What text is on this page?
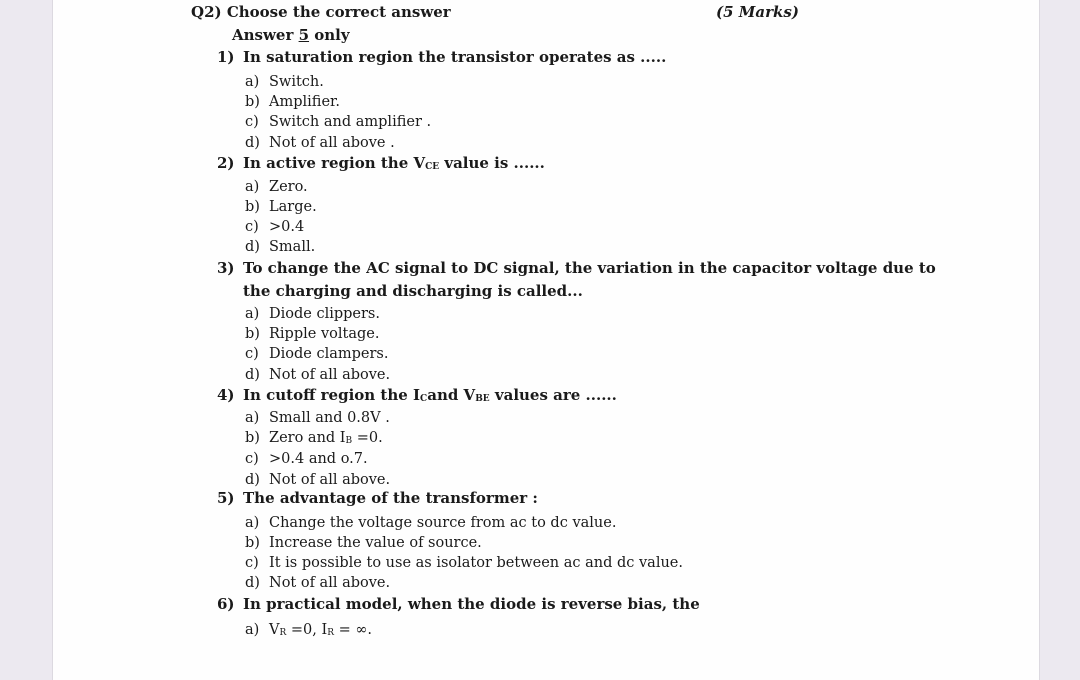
Q2) Choose the correct answer	(5 Marks)
Answer 5 only
1) In saturation region the transistor operates as .....
a) Switch.
b) Amplifier.
c) Switch and amplifier .
d) Not of all above .
2) In active region the VCE value is ......
a) Zero.
b) Large.
c) >0.4
d) Small.
3) To change the AC signal to DC signal, the variation in the capacitor voltage due to
the charging and discharging is called...
a) Diode clippers.
b) Ripple voltage.
c) Diode clampers.
d) Not of all above.
4) In cutoff region the ICand VBE values are ......
a) Small and 0.8V .
b) Zero and IB =0.
c) >0.4 and o.7.
d) Not of all above.
5) The advantage of the transformer :
a) Change the voltage source from ac to dc value.
b) Increase the value of source.
c) It is possible to use as isolator between ac and dc value.
d) Not of all above.
6) In practical model, when the diode is reverse bias, the
a) VR =0, IR = ∞.
